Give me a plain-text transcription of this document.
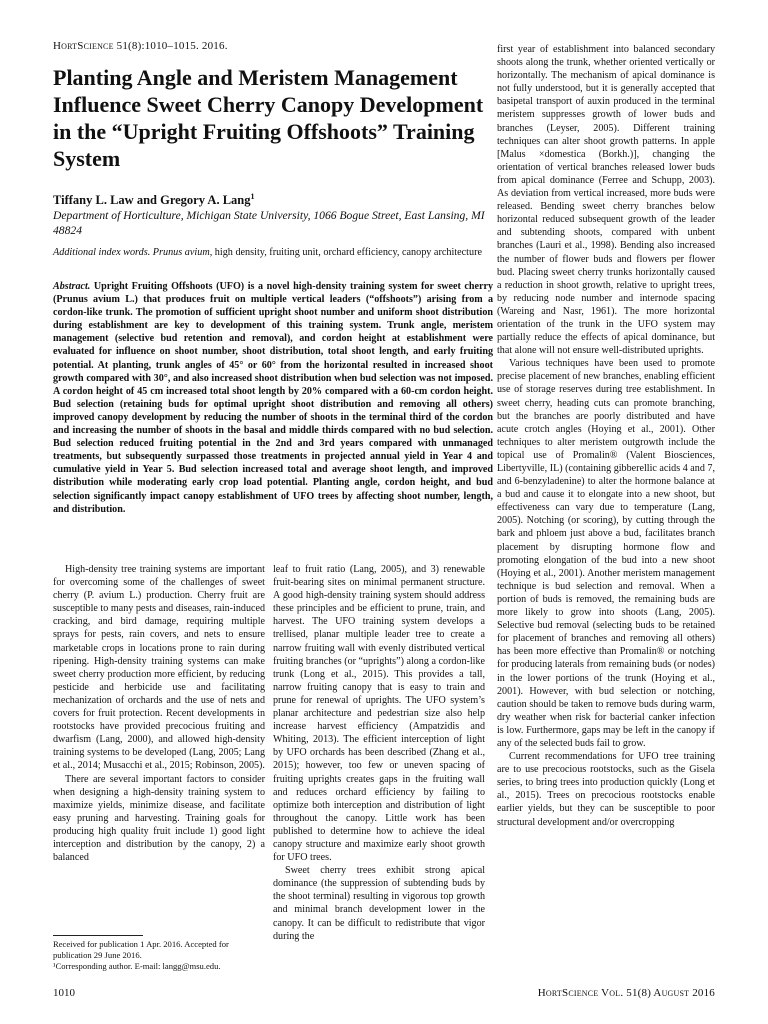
HortScience 51(8):1010–1015. 2016.
Planting Angle and Meristem Management Influence Sweet Cherry Canopy Development in the “Upright Fruiting Offshoots” Training System
Tiffany L. Law and Gregory A. Lang$^1$
Department of Horticulture, Michigan State University, 1066 Bogue Street, East Lansing, MI 48824
Additional index words. Prunus avium, high density, fruiting unit, orchard efficiency, canopy architecture
Abstract. Upright Fruiting Offshoots (UFO) is a novel high-density training system for sweet cherry (Prunus avium L.) that produces fruit on multiple vertical leaders (“offshoots”) arising from a cordon-like trunk. The promotion of sufficient upright shoot number and uniform shoot distribution during establishment are key to development of this training system. Trunk angle, meristem management (selective bud retention and removal), and cordon height at establishment were evaluated for influence on shoot number, shoot distribution, total shoot length, and early fruiting potential. At planting, trunk angles of 45° or 60° from the horizontal resulted in increased shoot growth compared with 30°, and also increased shoot distribution when bud selection was not imposed. A cordon height of 45 cm increased total shoot length by 20% compared with a 60-cm cordon height. Bud selection (retaining buds for optimal upright shoot distribution and removing all others) improved canopy development by reducing the number of shoots in the terminal third of the cordon and increasing the number of shoots in the basal and middle thirds compared with no bud selection. Bud selection reduced fruiting potential in the 2nd and 3rd years compared with unmanaged treatments, but subsequently surpassed those treatments in projected annual yield in Year 4 and cumulative yield in Year 5. Bud selection increased total and average shoot length, and improved distribution while moderating early crop load potential. Planting angle, cordon height, and bud selection significantly impact canopy establishment of UFO trees by affecting shoot number, length, and distribution.

High-density tree training systems are important for overcoming some of the challenges of sweet cherry (P. avium L.) production. Cherry fruit are susceptible to many pests and diseases, rain-induced cracking, and bird damage, requiring multiple sprays for pests, rain covers, and nets to ensure marketable crops in locations prone to rain during ripening. High-density training systems can make sweet cherry production more efficient, by reducing pesticide and herbicide use and facilitating mechanization of orchards and the use of nets and covers for fruit protection. Recent developments in rootstocks have provided precocious fruiting and dwarfism (Lang, 2000), and allowed high-density training systems to be developed (Lang, 2005; Lang et al., 2014; Musacchi et al., 2015; Robinson, 2005).

There are several important factors to consider when designing a high-density training system to maximize yields, minimize disease, and facilitate easy pruning and harvesting. Training goals for producing high quality fruit include 1) good light interception and distribution by the canopy, 2) a balanced

leaf to fruit ratio (Lang, 2005), and 3) renewable fruit-bearing sites on minimal permanent structure. A good high-density training system should address these principles and be efficient to prune, train, and harvest. The UFO training system develops a trellised, planar multiple leader tree to create a narrow fruiting wall with evenly distributed vertical fruiting branches (or “uprights”) along a cordon-like trunk (Long et al., 2015). This provides a tall, narrow fruiting canopy that is easy to train and prune for renewal of uprights. The UFO system’s planar architecture and pedestrian size also help increase harvest efficiency (Ampatzidis and Whiting, 2013). The efficient interception of light by UFO orchards has been described (Zhang et al., 2015); however, too few or uneven spacing of fruiting uprights creates gaps in the fruiting wall and reduces orchard efficiency by failing to optimize both interception and distribution of light throughout the canopy. Little work has been published to determine how to achieve the ideal canopy structure and maximize early shoot growth for UFO trees.

Sweet cherry trees exhibit strong apical dominance (the suppression of subtending buds by the shoot terminal) resulting in vigorous top growth and minimal branch development lower in the canopy. It can be difficult to redistribute that vigor during the

first year of establishment into balanced secondary shoots along the trunk, whether oriented vertically or horizontally. The mechanism of apical dominance is not fully understood, but it is generally accepted that basipetal transport of auxin produced in the terminal meristem suppresses growth of lower buds and branches (Leyser, 2005). Different training techniques can alter shoot growth patterns. In apple [Malus ×domestica (Borkh.)], changing the orientation of vertical branches released lower buds from apical dominance (Ferree and Schupp, 2003). As deviation from vertical increased, more buds were released. Bending sweet cherry branches below horizontal reduced subsequent growth of the leader and subtending shoots, compared with unbent branches (Lauri et al., 1998). Bending also increased the number of flower buds and flowers per flower bud. Placing sweet cherry trunks horizontally caused a reduction in shoot growth, relative to upright trees, by reducing node number and internode spacing (Wareing and Nasr, 1961). The more horizontal orientation of the trunk in the UFO system may partially reduce the effects of apical dominance, but that alone will not ensure well-distributed uprights.

Various techniques have been used to promote precise placement of new branches, enabling efficient use of storage reserves during tree establishment. In sweet cherry, heading cuts can promote branching, but the branches are poorly distributed and have acute crotch angles (Hoying et al., 2001). Other techniques to alter meristem outgrowth include the topical use of Promalin® (Valent Biosciences, Libertyville, IL) (containing gibberellic acids 4 and 7, and 6-benzyladenine) to alter the hormone balance at a bud and cause it to elongate into a new shoot, but effectiveness can vary due to temperature (Lang, 2005). Notching (or scoring), by cutting through the bark and phloem just above a bud, facilitates branch placement by disrupting hormone flow and promoting elongation of the bud into a new shoot (Hoying et al., 2001). Another meristem management technique is bud selection and removal. When a portion of buds is removed, the remaining buds are more likely to grow into shoots (Lang, 2005). Selective bud removal (selecting buds to be retained for placement of branches and removing all others) has been more effective than Promalin® or notching for producing laterals from remaining buds (or nodes) in the lower portions of the trunk (Hoying et al., 2001). However, with bud selection or notching, caution should be taken to remove buds during warm, dry weather when risk for bacterial canker infection is low. Furthermore, gaps may be left in the canopy if any of the selected buds fail to grow.

Current recommendations for UFO tree training are to use precocious rootstocks, such as the Gisela series, to bring trees into production quickly (Long et al., 2015). Trees on precocious rootstocks enable earlier yields, but they can be susceptible to poor structural development and/or overcropping

Received for publication 1 Apr. 2016. Accepted for publication 29 June 2016.
¹Corresponding author. E-mail: langg@msu.edu.
1010	HortScience Vol. 51(8) August 2016
